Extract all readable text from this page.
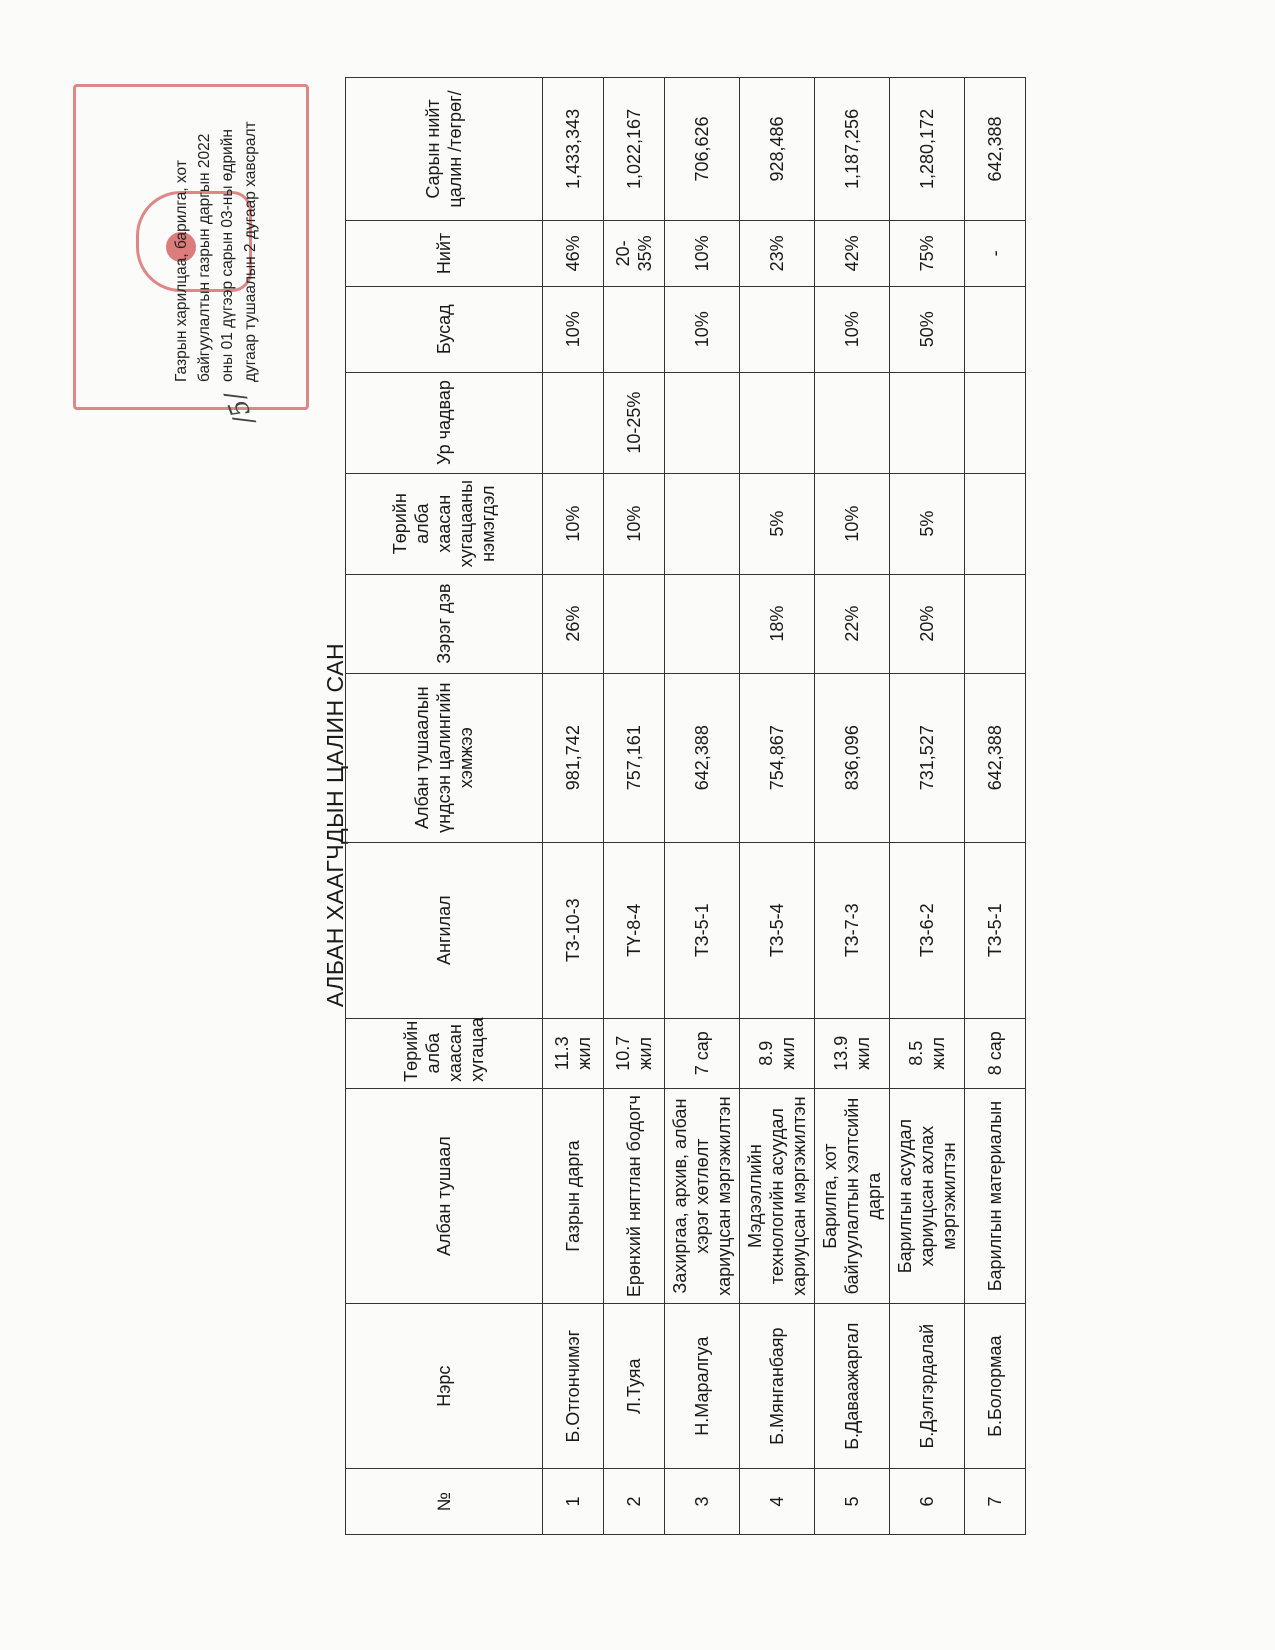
/5/
Газрын харилцаа, барилга, хот байгуулалтын газрын даргын 2022 оны 01 дүгээр сарын 03-ны өдрийн дугаар тушаалын 2 дугаар хавсралт
АЛБАН ХААГЧДЫН ЦАЛИН САН
№	Нэрс	Албан тушаал	Төрийн алба хаасан хугацаа	Ангилал	Албан тушаалын үндсэн цалингийн хэмжээ	Зэрэг дэв	Төрийн алба хаасан хугацааны нэмэгдэл	Ур чадвар	Бусад	Нийт	Сарын нийт цалин /төгрөг/
1	Б.Отгончимэг	Газрын дарга	11.3 жил	ТЗ-10-3	981,742	26%	10%		10%	46%	1,433,343
2	Л.Туяа	Ерөнхий нягтлан бодогч	10.7 жил	ТҮ-8-4	757,161		10%	10-25%		20-35%	1,022,167
3	Н.Маралгуа	Захиргаа, архив, албан хэрэг хөтлөлт хариуцсан мэргэжилтэн	7 сар	ТЗ-5-1	642,388				10%	10%	706,626
4	Б.Мянганбаяр	Мэдээллийн технологийн асуудал хариуцсан мэргэжилтэн	8.9 жил	ТЗ-5-4	754,867	18%	5%			23%	928,486
5	Б.Даваажаргал	Барилга, хот байгуулалтын хэлтсийн дарга	13.9 жил	ТЗ-7-3	836,096	22%	10%		10%	42%	1,187,256
6	Б.Дэлгэрдалай	Барилгын асуудал хариуцсан ахлах мэргэжилтэн	8.5 жил	ТЗ-6-2	731,527	20%	5%		50%	75%	1,280,172
7	Б.Болормаа	Барилгын материалын	8 сар	ТЗ-5-1	642,388					-	642,388
